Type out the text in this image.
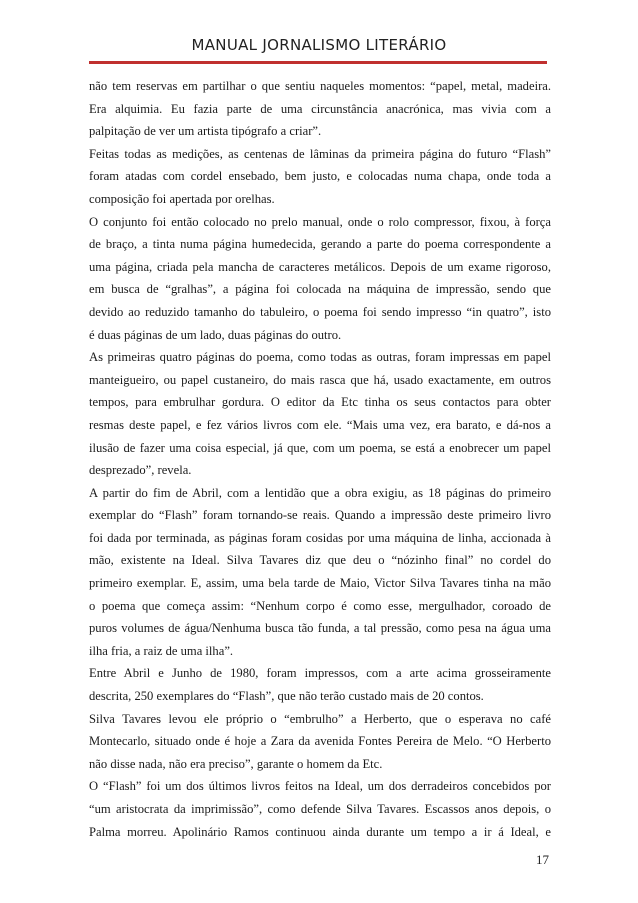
MANUAL JORNALISMO LITERÁRIO
não tem reservas em partilhar o que sentiu naqueles momentos: “papel, metal, madeira.
Era alquimia. Eu fazia parte de uma circunstância anacrónica, mas vivia com a
palpitação de ver um artista tipógrafo a criar”.
Feitas todas as medições, as centenas de lâminas da primeira página do futuro “Flash”
foram atadas com cordel ensebado, bem justo, e colocadas numa chapa, onde toda a
composição foi apertada por orelhas.
O conjunto foi então colocado no prelo manual, onde o rolo compressor, fixou, à força
de braço, a tinta numa página humedecida, gerando a parte do poema correspondente a
uma página, criada pela mancha de caracteres metálicos. Depois de um exame rigoroso,
em busca de “gralhas”, a página foi colocada na máquina de impressão, sendo que
devido ao reduzido tamanho do tabuleiro, o poema foi sendo impresso “in quatro”, isto
é duas páginas de um lado, duas páginas do outro.
As primeiras quatro páginas do poema, como todas as outras, foram impressas em papel
manteigueiro, ou papel custaneiro, do mais rasca que há, usado exactamente, em outros
tempos, para embrulhar gordura. O editor da Etc tinha os seus contactos para obter
resmas deste papel, e fez vários livros com ele. “Mais uma vez, era barato, e dá-nos a
ilusão de fazer uma coisa especial, já que, com um poema, se está a enobrecer um papel
desprezado”, revela.
A partir do fim de Abril, com a lentidão que a obra exigiu, as 18 páginas do primeiro
exemplar do “Flash” foram tornando-se reais. Quando a impressão deste primeiro livro
foi dada por terminada, as páginas foram cosidas por uma máquina de linha, accionada à
mão, existente na Ideal. Silva Tavares diz que deu o “nózinho final” no cordel do
primeiro exemplar. E, assim, uma bela tarde de Maio, Victor Silva Tavares tinha na mão
o poema que começa assim: “Nenhum corpo é como esse, mergulhador, coroado de
puros volumes de água/Nenhuma busca tão funda, a tal pressão, como pesa na água uma
ilha fria, a raiz de uma ilha”.
Entre Abril e Junho de 1980, foram impressos, com a arte acima grosseiramente
descrita, 250 exemplares do “Flash”, que não terão custado mais de 20 contos.
Silva Tavares levou ele próprio o “embrulho” a Herberto, que o esperava no café
Montecarlo, situado onde é hoje a Zara da avenida Fontes Pereira de Melo. “O Herberto
não disse nada, não era preciso”, garante o homem da Etc.
O “Flash” foi um dos últimos livros feitos na Ideal, um dos derradeiros concebidos por
“um aristocrata da imprimissão”, como defende Silva Tavares. Escassos anos depois, o
Palma morreu. Apolinário Ramos continuou ainda durante um tempo a ir á Ideal, e
17
